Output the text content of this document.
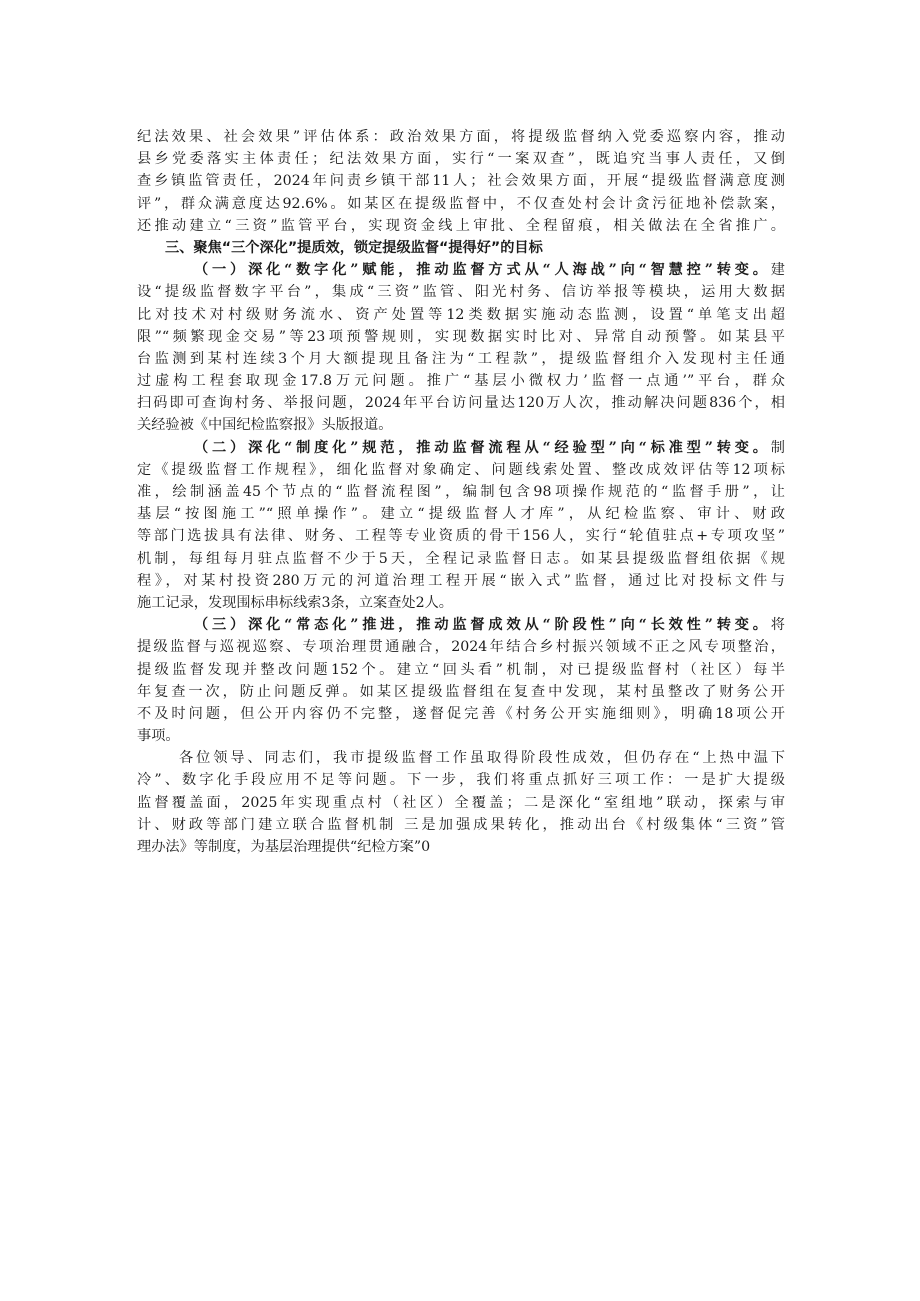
纪法效果、社会效果”评估体系：政治效果方面，将提级监督纳入党委巡察内容，推动
县乡党委落实主体责任；纪法效果方面，实行“一案双查”，既追究当事人责任，又倒
查乡镇监管责任，2024年问责乡镇干部11人；社会效果方面，开展“提级监督满意度测
评”，群众满意度达92.6%。如某区在提级监督中，不仅查处村会计贪污征地补偿款案，
还推动建立“三资”监管平台，实现资金线上审批、全程留痕，相关做法在全省推广。
三、聚焦“三个深化”提质效，锁定提级监督“提得好”的目标
（一）深化“数字化”赋能，推动监督方式从“人海战”向“智慧控”转变。建
设“提级监督数字平台”，集成“三资”监管、阳光村务、信访举报等模块，运用大数据
比对技术对村级财务流水、资产处置等12类数据实施动态监测，设置“单笔支出超
限”“频繁现金交易”等23项预警规则，实现数据实时比对、异常自动预警。如某县平
台监测到某村连续3个月大额提现且备注为“工程款”，提级监督组介入发现村主任通
过虚构工程套取现金17.8万元问题。推广“基层小微权力’监督一点通’”平台，群众
扫码即可查询村务、举报问题，2024年平台访问量达120万人次，推动解决问题836个，相
关经验被《中国纪检监察报》头版报道。
（二）深化“制度化”规范，推动监督流程从“经验型”向“标准型”转变。制
定《提级监督工作规程》，细化监督对象确定、问题线索处置、整改成效评估等12项标
准，绘制涵盖45个节点的“监督流程图”，编制包含98项操作规范的“监督手册”，让
基层“按图施工”“照单操作”。建立“提级监督人才库”，从纪检监察、审计、财政
等部门选拔具有法律、财务、工程等专业资质的骨干156人，实行“轮值驻点+专项攻坚”
机制，每组每月驻点监督不少于5天，全程记录监督日志。如某县提级监督组依据《规
程》，对某村投资280万元的河道治理工程开展“嵌入式”监督，通过比对投标文件与
施工记录，发现围标串标线索3条，立案查处2人。
（三）深化“常态化”推进，推动监督成效从“阶段性”向“长效性”转变。将
提级监督与巡视巡察、专项治理贯通融合，2024年结合乡村振兴领域不正之风专项整治，
提级监督发现并整改问题152个。建立“回头看”机制，对已提级监督村（社区）每半
年复查一次，防止问题反弹。如某区提级监督组在复查中发现，某村虽整改了财务公开
不及时问题，但公开内容仍不完整，遂督促完善《村务公开实施细则》，明确18项公开
事项。
各位领导、同志们，我市提级监督工作虽取得阶段性成效，但仍存在“上热中温下
冷”、数字化手段应用不足等问题。下一步，我们将重点抓好三项工作：一是扩大提级
监督覆盖面，2025年实现重点村（社区）全覆盖；二是深化“室组地”联动，探索与审
计、财政等部门建立联合监督机制 三是加强成果转化，推动出台《村级集体“三资”管
理办法》等制度，为基层治理提供“纪检方案”0
